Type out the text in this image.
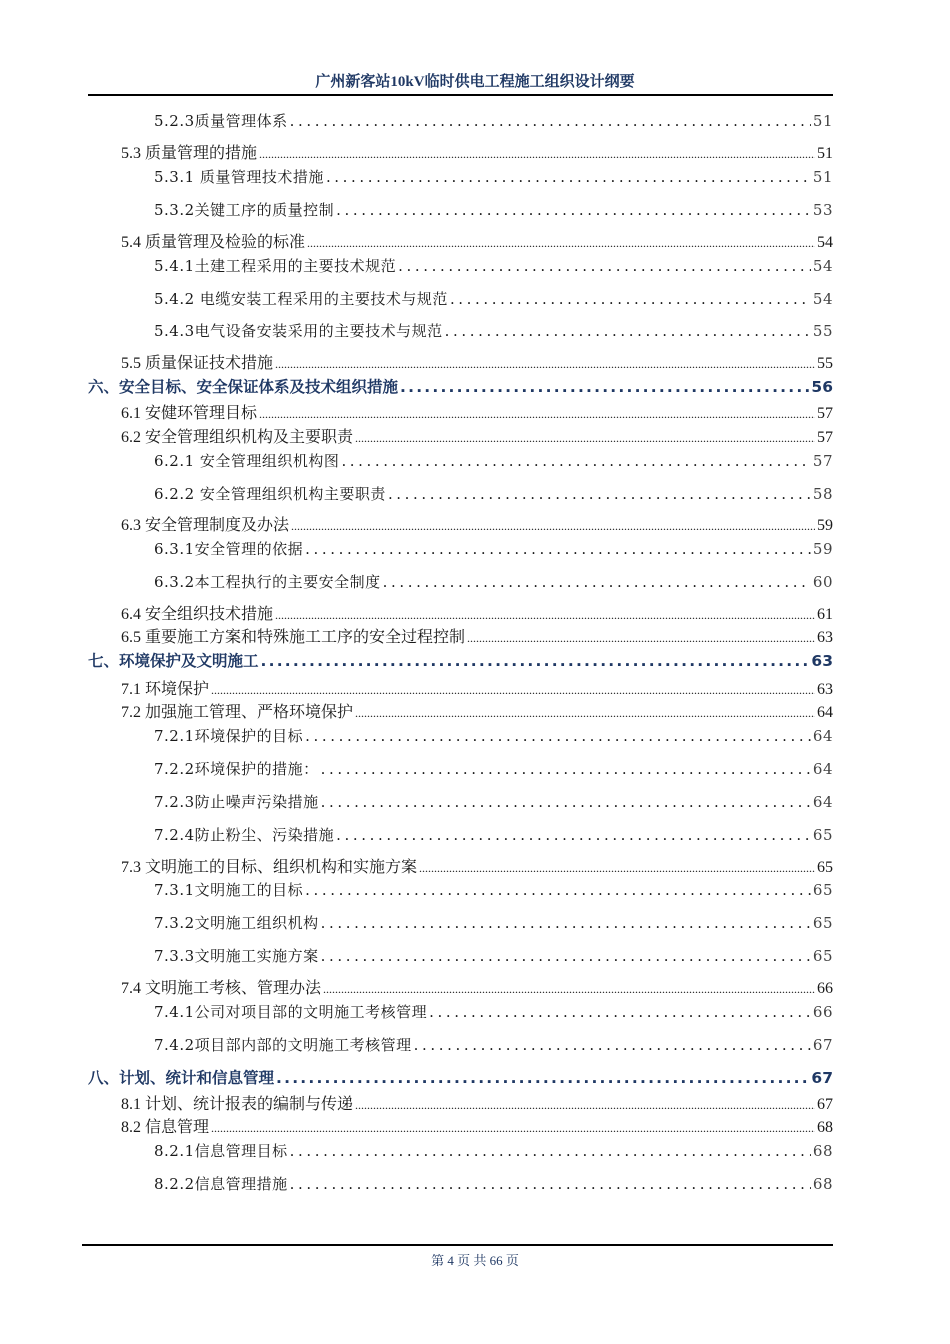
广州新客站10kV临时供电工程施工组织设计纲要
5.2.3质量管理体系 .....	51
5.3 质量管理的措施 .....	51
5.3.1 质量管理技术措施 .....	51
5.3.2关键工序的质量控制 .....	53
5.4 质量管理及检验的标准 .....	54
5.4.1土建工程采用的主要技术规范 .....	54
5.4.2 电缆安装工程采用的主要技术与规范 .....	54
5.4.3电气设备安装采用的主要技术与规范 .....	55
5.5 质量保证技术措施 .....	55
六、安全目标、安全保证体系及技术组织措施 .....	56
6.1 安健环管理目标 .....	57
6.2 安全管理组织机构及主要职责 .....	57
6.2.1 安全管理组织机构图 .....	57
6.2.2 安全管理组织机构主要职责 .....	58
6.3 安全管理制度及办法 .....	59
6.3.1安全管理的依据 .....	59
6.3.2本工程执行的主要安全制度 .....	60
6.4 安全组织技术措施 .....	61
6.5 重要施工方案和特殊施工工序的安全过程控制 .....	63
七、环境保护及文明施工 .....	63
7.1 环境保护 .....	63
7.2 加强施工管理、严格环境保护 .....	64
7.2.1环境保护的目标 .....	64
7.2.2环境保护的措施： .....	64
7.2.3防止噪声污染措施 .....	64
7.2.4防止粉尘、污染措施 .....	65
7.3 文明施工的目标、组织机构和实施方案 .....	65
7.3.1文明施工的目标 .....	65
7.3.2文明施工组织机构 .....	65
7.3.3文明施工实施方案 .....	65
7.4 文明施工考核、管理办法 .....	66
7.4.1公司对项目部的文明施工考核管理 .....	66
7.4.2项目部内部的文明施工考核管理 .....	67
八、计划、统计和信息管理 .....	67
8.1 计划、统计报表的编制与传递 .....	67
8.2 信息管理 .....	68
8.2.1信息管理目标 .....	68
8.2.2信息管理措施 .....	68
第 4 页 共 66 页
